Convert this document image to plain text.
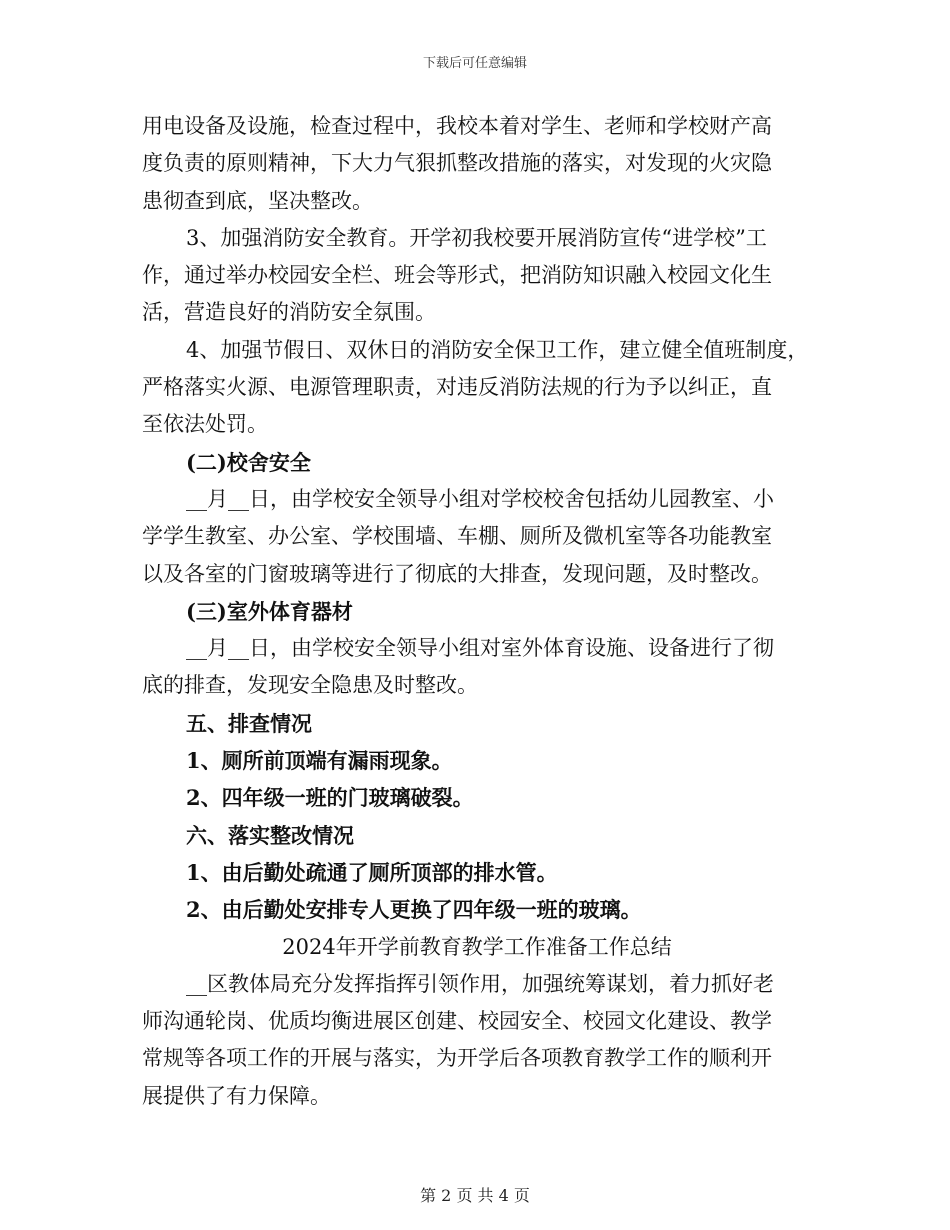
下载后可任意编辑
用电设备及设施，检查过程中，我校本着对学生、老师和学校财产高
度负责的原则精神，下大力气狠抓整改措施的落实，对发现的火灾隐
患彻查到底，坚决整改。
3、加强消防安全教育。开学初我校要开展消防宣传“进学校”工
作，通过举办校园安全栏、班会等形式，把消防知识融入校园文化生
活，营造良好的消防安全氛围。
4、加强节假日、双休日的消防安全保卫工作，建立健全值班制度，
严格落实火源、电源管理职责，对违反消防法规的行为予以纠正，直
至依法处罚。
(二)校舍安全
__月__日，由学校安全领导小组对学校校舍包括幼儿园教室、小
学学生教室、办公室、学校围墙、车棚、厕所及微机室等各功能教室
以及各室的门窗玻璃等进行了彻底的大排查，发现问题，及时整改。
(三)室外体育器材
__月__日，由学校安全领导小组对室外体育设施、设备进行了彻
底的排查，发现安全隐患及时整改。
五、排查情况
1、厕所前顶端有漏雨现象。
2、四年级一班的门玻璃破裂。
六、落实整改情况
1、由后勤处疏通了厕所顶部的排水管。
2、由后勤处安排专人更换了四年级一班的玻璃。
2024年开学前教育教学工作准备工作总结
__区教体局充分发挥指挥引领作用，加强统筹谋划，着力抓好老
师沟通轮岗、优质均衡进展区创建、校园安全、校园文化建设、教学
常规等各项工作的开展与落实，为开学后各项教育教学工作的顺利开
展提供了有力保障。
第 2 页 共 4 页
